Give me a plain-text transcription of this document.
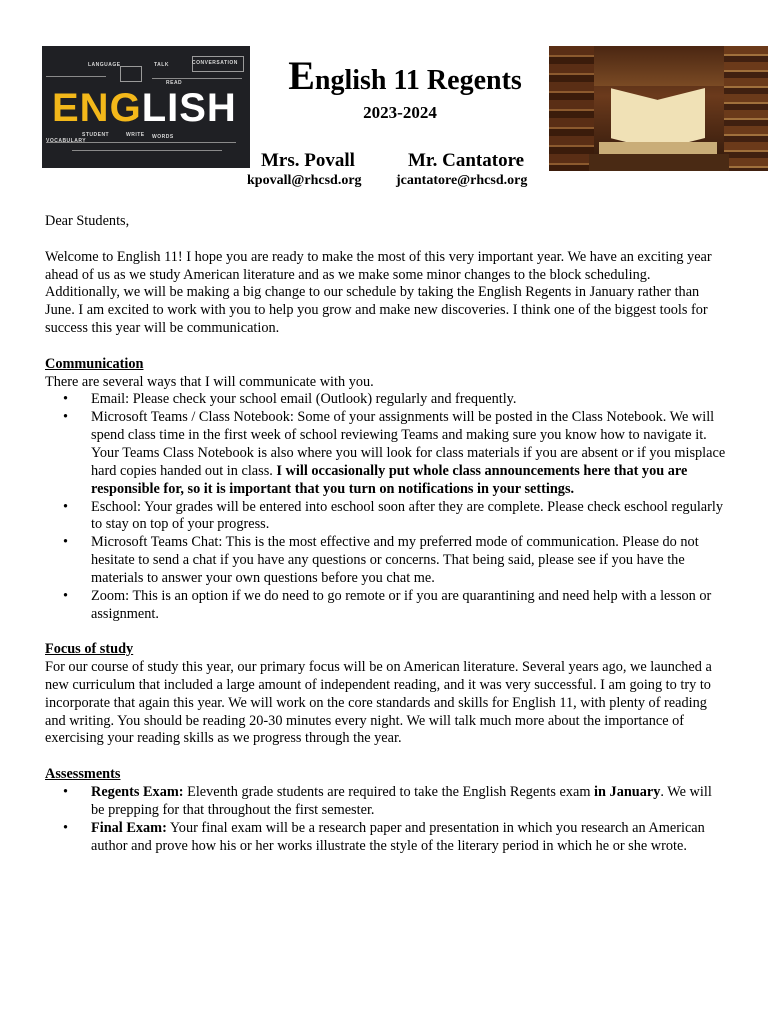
LANGUAGE	TALK	CONVERSATION
STUDENT
VOCABULARY
WRITE WORDS
READ
ENGLISH
English 11 Regents
2023-2024
Mrs. Povall	Mr. Cantatore
kpovall@rhcsd.org jcantatore@rhcsd.org

Dear Students,

Welcome to English 11! I hope you are ready to make the most of this very important year. We have an exciting year ahead of us as we study American literature and as we make some minor changes to the block scheduling. Additionally, we will be making a big change to our schedule by taking the English Regents in January rather than June. I am excited to work with you to help you grow and make new discoveries. I think one of the biggest tools for success this year will be communication.

Communication

There are several ways that I will communicate with you.

• Email: Please check your school email (Outlook) regularly and frequently.
• Microsoft Teams / Class Notebook: Some of your assignments will be posted in the Class Notebook. We will spend class time in the first week of school reviewing Teams and making sure you know how to navigate it. Your Teams Class Notebook is also where you will look for class materials if you are absent or if you misplace hard copies handed out in class. I will occasionally put whole class announcements here that you are responsible for, so it is important that you turn on notifications in your settings.
• Eschool: Your grades will be entered into eschool soon after they are complete. Please check eschool regularly to stay on top of your progress.
• Microsoft Teams Chat: This is the most effective and my preferred mode of communication. Please do not hesitate to send a chat if you have any questions or concerns. That being said, please see if you have the materials to answer your own questions before you chat me.
• Zoom: This is an option if we do need to go remote or if you are quarantining and need help with a lesson or assignment.

Focus of study

For our course of study this year, our primary focus will be on American literature. Several years ago, we launched a new curriculum that included a large amount of independent reading, and it was very successful. I am going to try to incorporate that again this year. We will work on the core standards and skills for English 11, with plenty of reading and writing. You should be reading 20-30 minutes every night. We will talk much more about the importance of exercising your reading skills as we progress through the year.

Assessments

• Regents Exam: Eleventh grade students are required to take the English Regents exam in January. We will be prepping for that throughout the first semester.
• Final Exam: Your final exam will be a research paper and presentation in which you research an American author and prove how his or her works illustrate the style of the literary period in which he or she wrote.
